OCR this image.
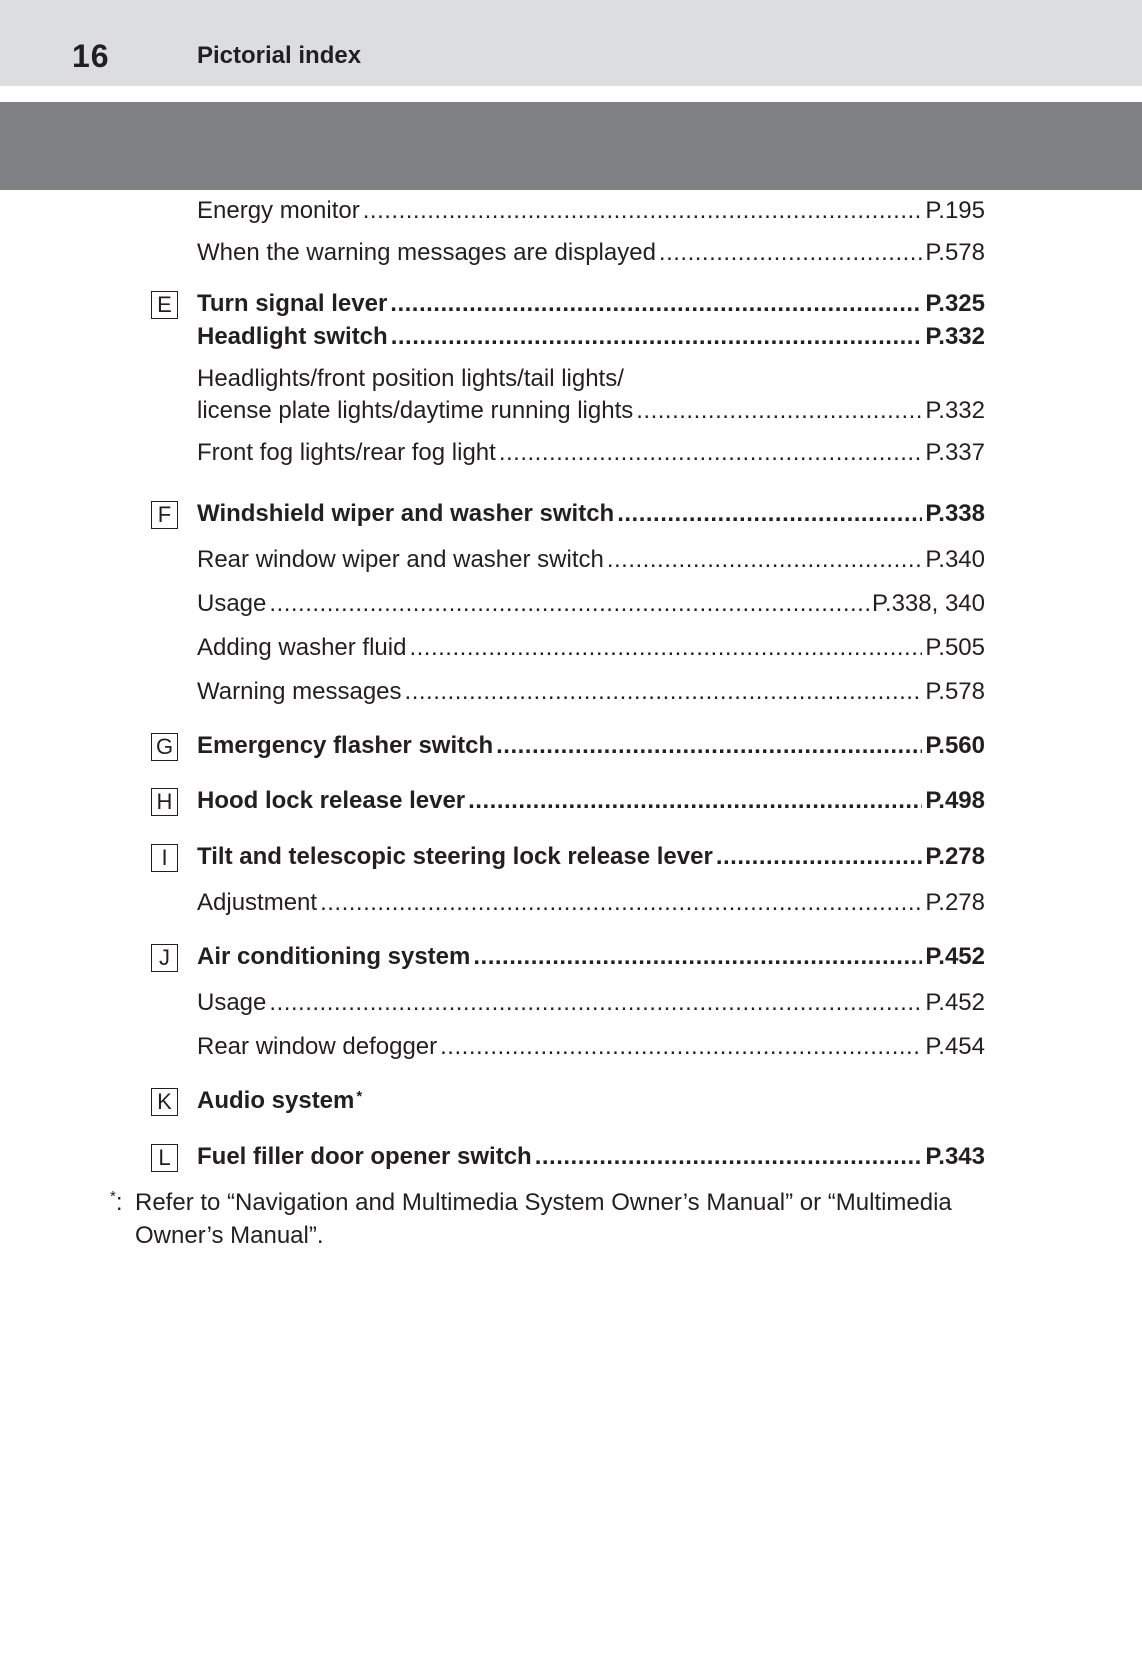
16	Pictorial index
Energy monitor .....	P.195
When the warning messages are displayed .....	P.578
E Turn signal lever .....	P.325
Headlight switch .....	P.332
Headlights/front position lights/tail lights/
license plate lights/daytime running lights .....	P.332
Front fog lights/rear fog light .....	P.337
F Windshield wiper and washer switch .....	P.338
Rear window wiper and washer switch .....	P.340
Usage .....	P.338, 340
Adding washer fluid .....	P.505
Warning messages .....	P.578
G Emergency flasher switch .....	P.560
H Hood lock release lever .....	P.498
I	Tilt and telescopic steering lock release lever .....	P.278
Adjustment .....	P.278
J	Air conditioning system .....	P.452
Usage .....	P.452
Rear window defogger .....	P.454
K Audio system *
L	Fuel filler door opener switch .....	P.343
*: Refer to “Navigation and Multimedia System Owner’s Manual” or “Multimedia Owner’s Manual”.
